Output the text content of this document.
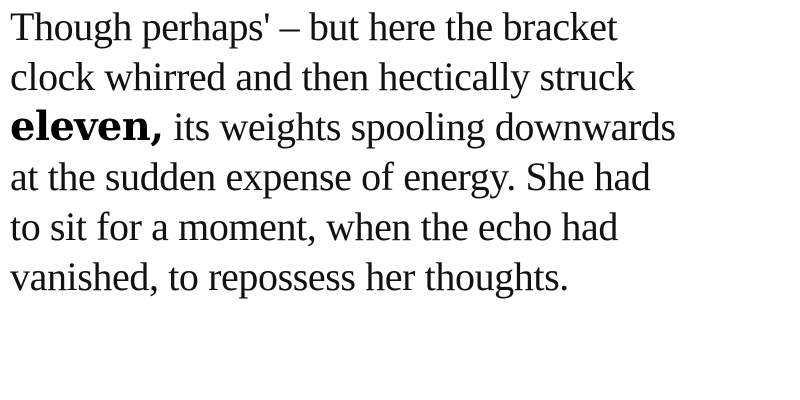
Though perhaps' – but here the bracket
clock whirred and then hectically struck
eleven, its weights spooling downwards
at the sudden expense of energy. She had
to sit for a moment, when the echo had
vanished, to repossess her thoughts.
